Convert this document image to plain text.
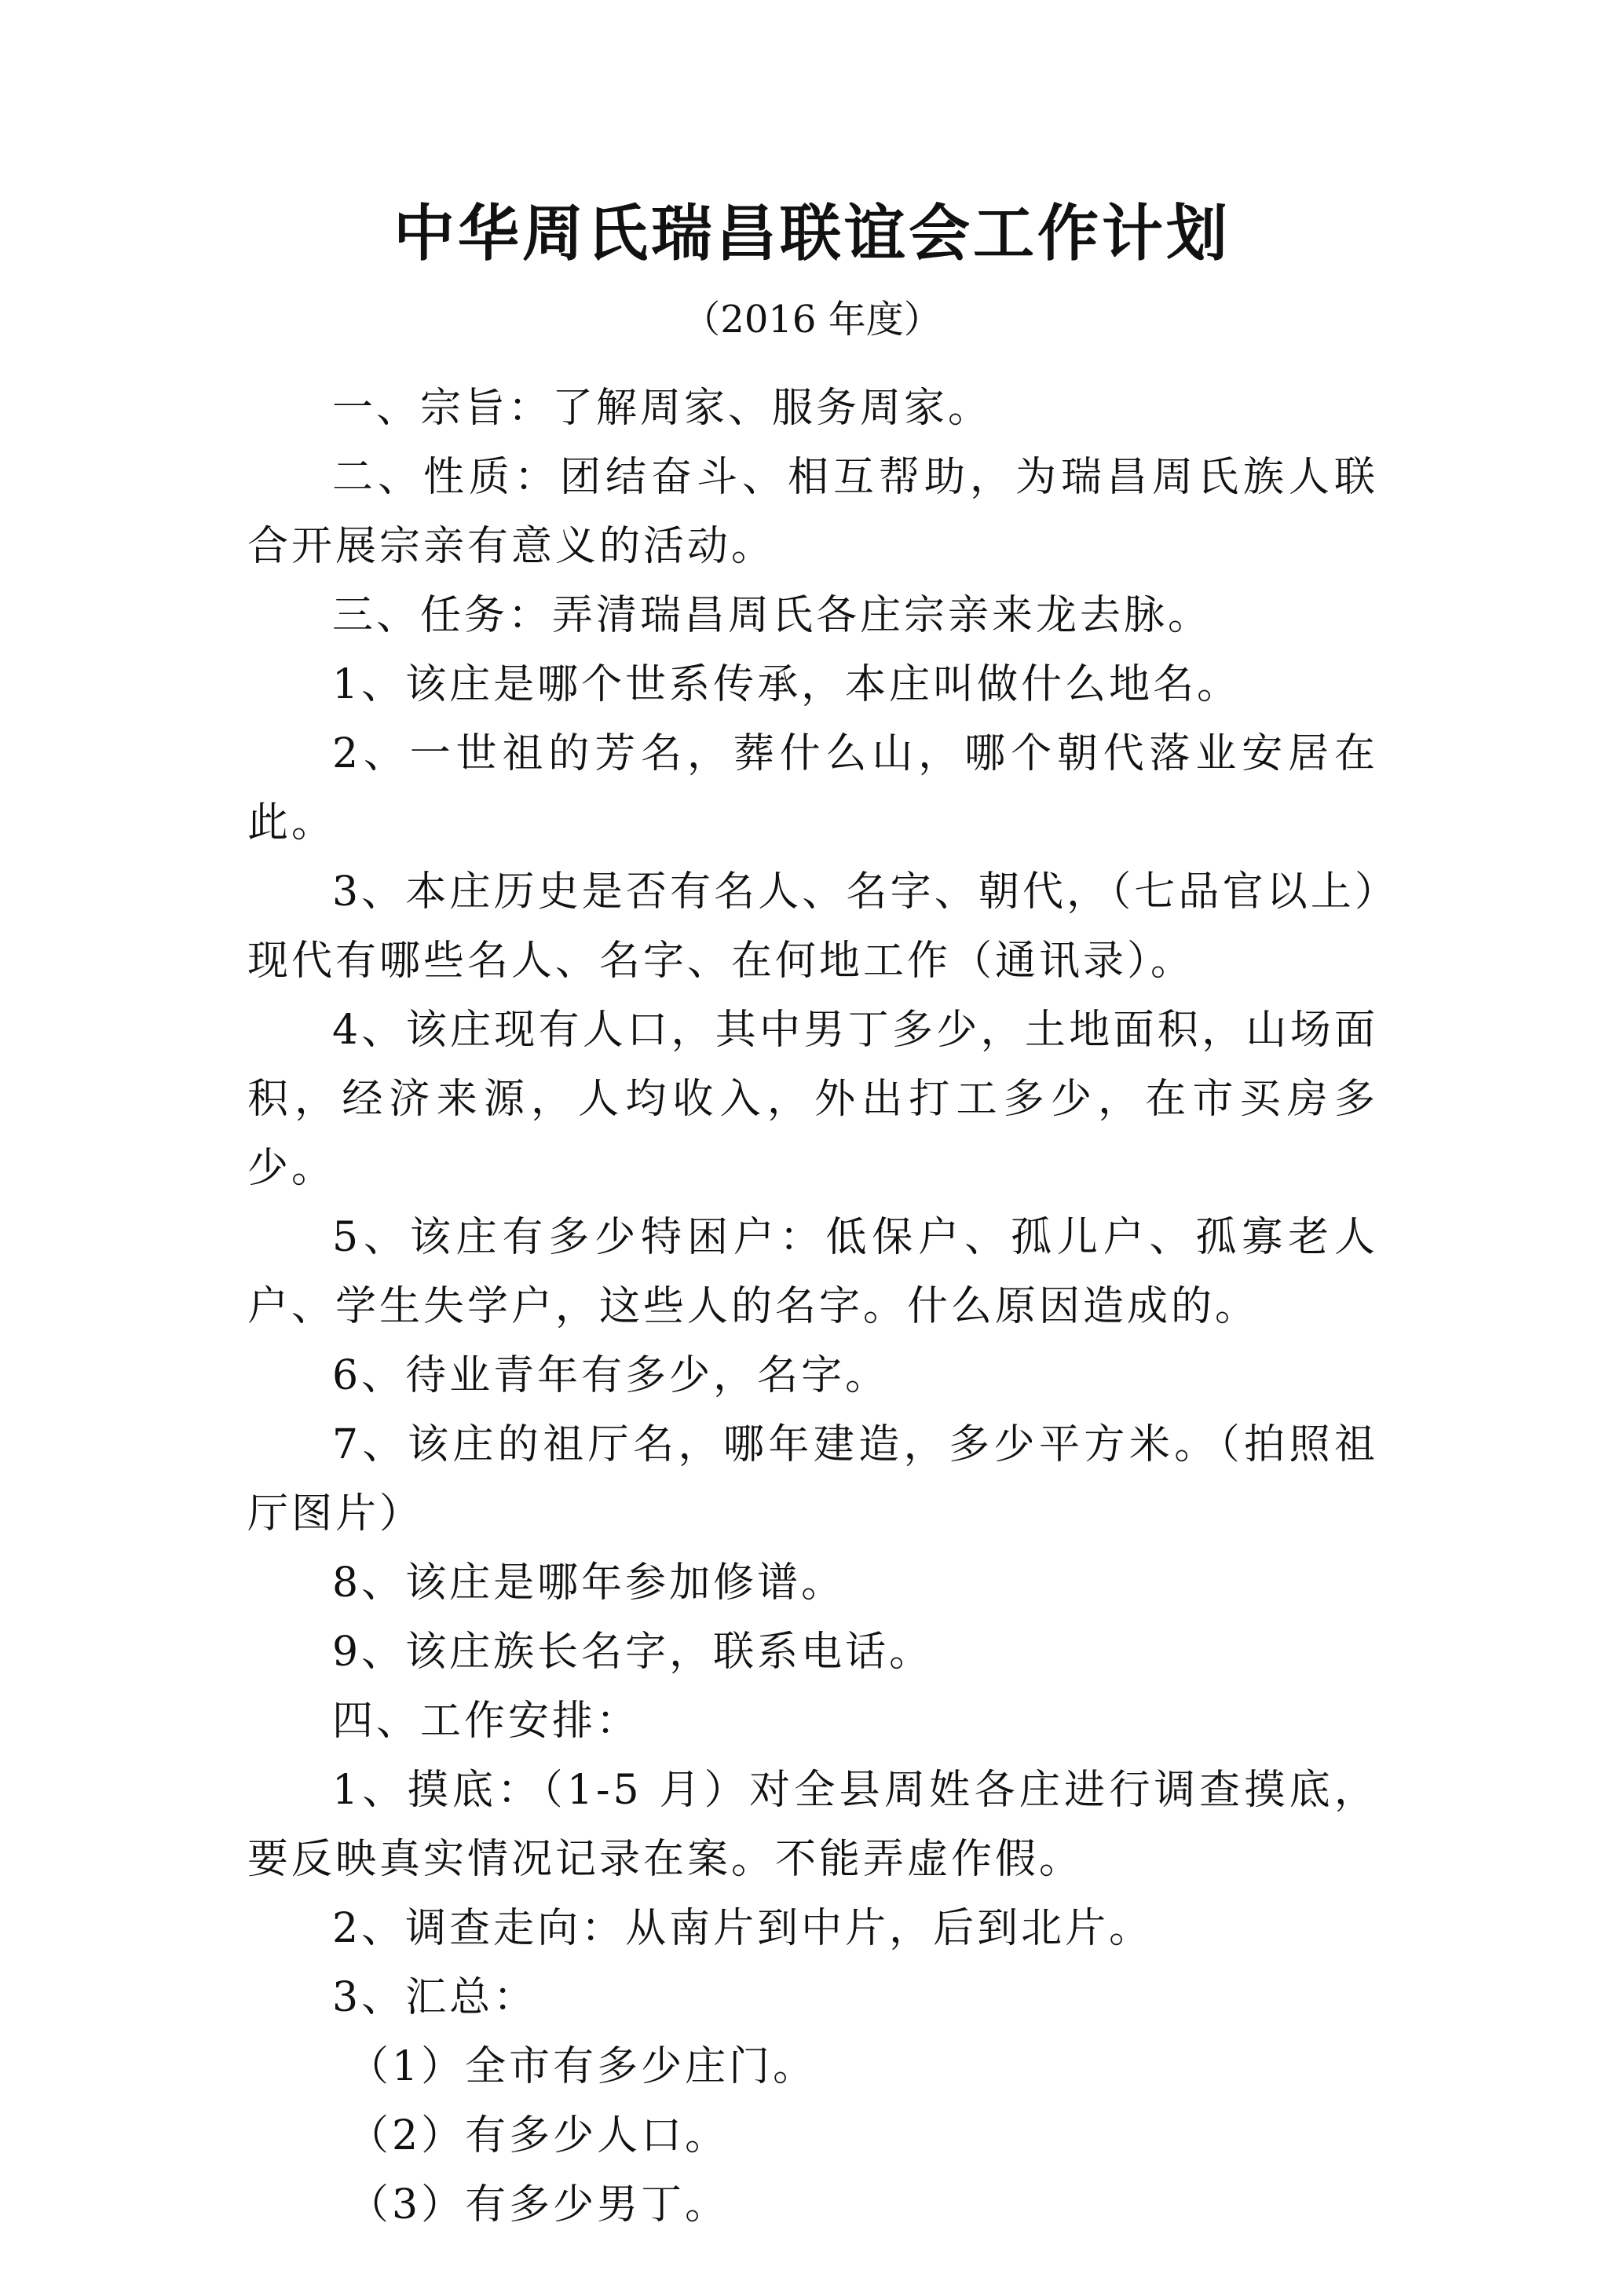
中华周氏瑞昌联谊会工作计划
（2016 年度）

一、宗旨：了解周家、服务周家。

二、性质：团结奋斗、相互帮助，为瑞昌周氏族人联合开展宗亲有意义的活动。

三、任务：弄清瑞昌周氏各庄宗亲来龙去脉。

1、该庄是哪个世系传承，本庄叫做什么地名。

2、一世祖的芳名，葬什么山，哪个朝代落业安居在此。

3、本庄历史是否有名人、名字、朝代，（七品官以上）现代有哪些名人、名字、在何地工作（通讯录）。

4、该庄现有人口，其中男丁多少，土地面积，山场面积，经济来源，人均收入，外出打工多少，在市买房多少。

5、该庄有多少特困户：低保户、孤儿户、孤寡老人户、学生失学户，这些人的名字。什么原因造成的。

6、待业青年有多少，名字。

7、该庄的祖厅名，哪年建造，多少平方米。（拍照祖厅图片）

8、该庄是哪年参加修谱。

9、该庄族长名字，联系电话。

四、工作安排：

1、摸底：（1-5 月）对全县周姓各庄进行调查摸底，要反映真实情况记录在案。不能弄虚作假。

2、调查走向：从南片到中片，后到北片。

3、汇总：

（1）全市有多少庄门。

（2）有多少人口。

（3）有多少男丁。
